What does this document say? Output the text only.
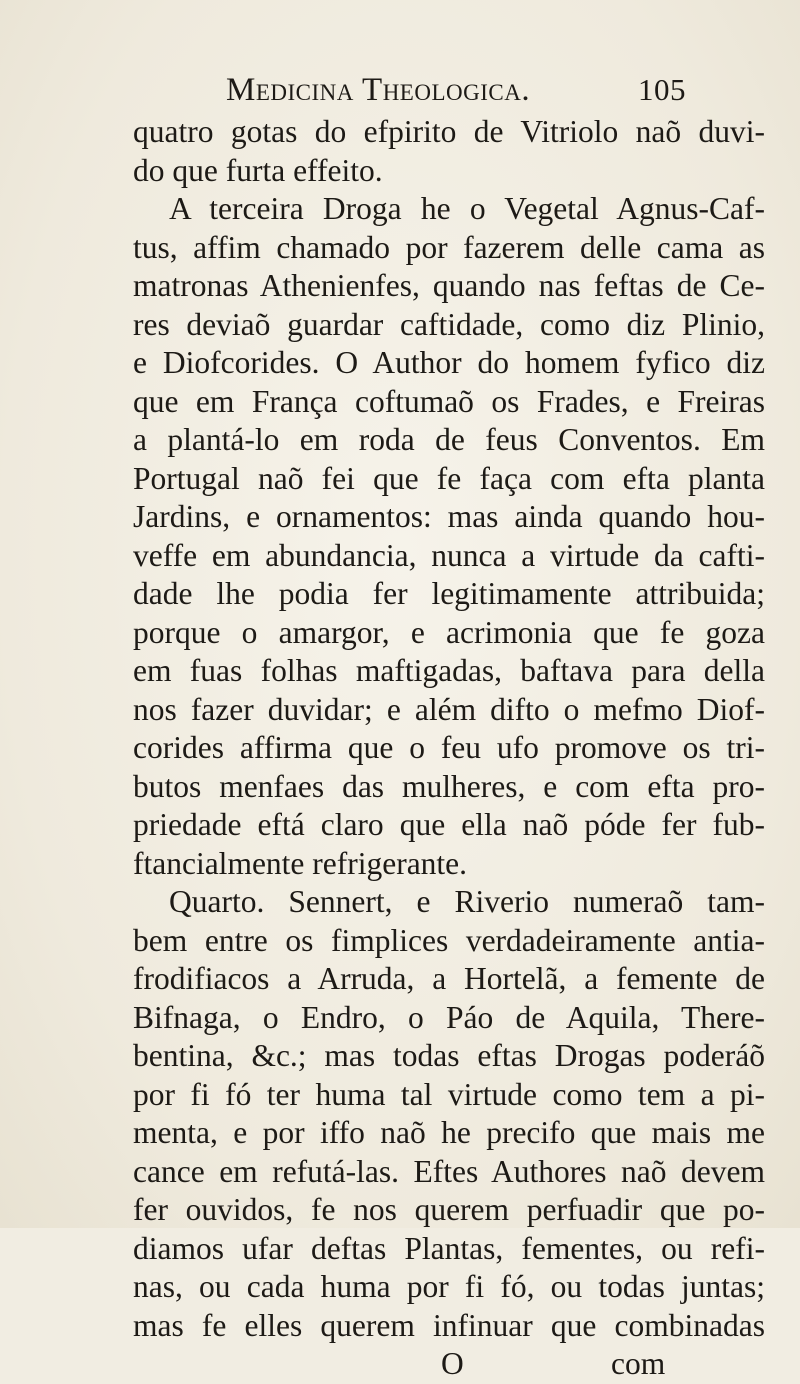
Medicina Theologica.	105
quatro gotas do efpirito de Vitriolo naõ duvi-
do que furta effeito.
A terceira Droga he o Vegetal Agnus-Caf-
tus, affim chamado por fazerem delle cama as
matronas Athenienfes, quando nas feftas de Ce-
res deviaõ guardar caftidade, como diz Plinio,
e Diofcorides. O Author do homem fyfico diz
que em França coftumaõ os Frades, e Freiras
a plantá-lo em roda de feus Conventos. Em
Portugal naõ fei que fe faça com efta planta
Jardins, e ornamentos: mas ainda quando hou-
veffe em abundancia, nunca a virtude da cafti-
dade lhe podia fer legitimamente attribuida;
porque o amargor, e acrimonia que fe goza
em fuas folhas maftigadas, baftava para della
nos fazer duvidar; e além difto o mefmo Diof-
corides affirma que o feu ufo promove os tri-
butos menfaes das mulheres, e com efta pro-
priedade eftá claro que ella naõ póde fer fub-
ftancialmente refrigerante.
Quarto. Sennert, e Riverio numeraõ tam-
bem entre os fimplices verdadeiramente antia-
frodifiacos a Arruda, a Hortelã, a femente de
Bifnaga, o Endro, o Páo de Aquila, There-
bentina, &c.; mas todas eftas Drogas poderáõ
por fi fó ter huma tal virtude como tem a pi-
menta, e por iffo naõ he precifo que mais me
cance em refutá-las. Eftes Authores naõ devem
fer ouvidos, fe nos querem perfuadir que po-
diamos ufar deftas Plantas, fementes, ou refi-
nas, ou cada huma por fi fó, ou todas juntas;
mas fe elles querem infinuar que combinadas
O	com
